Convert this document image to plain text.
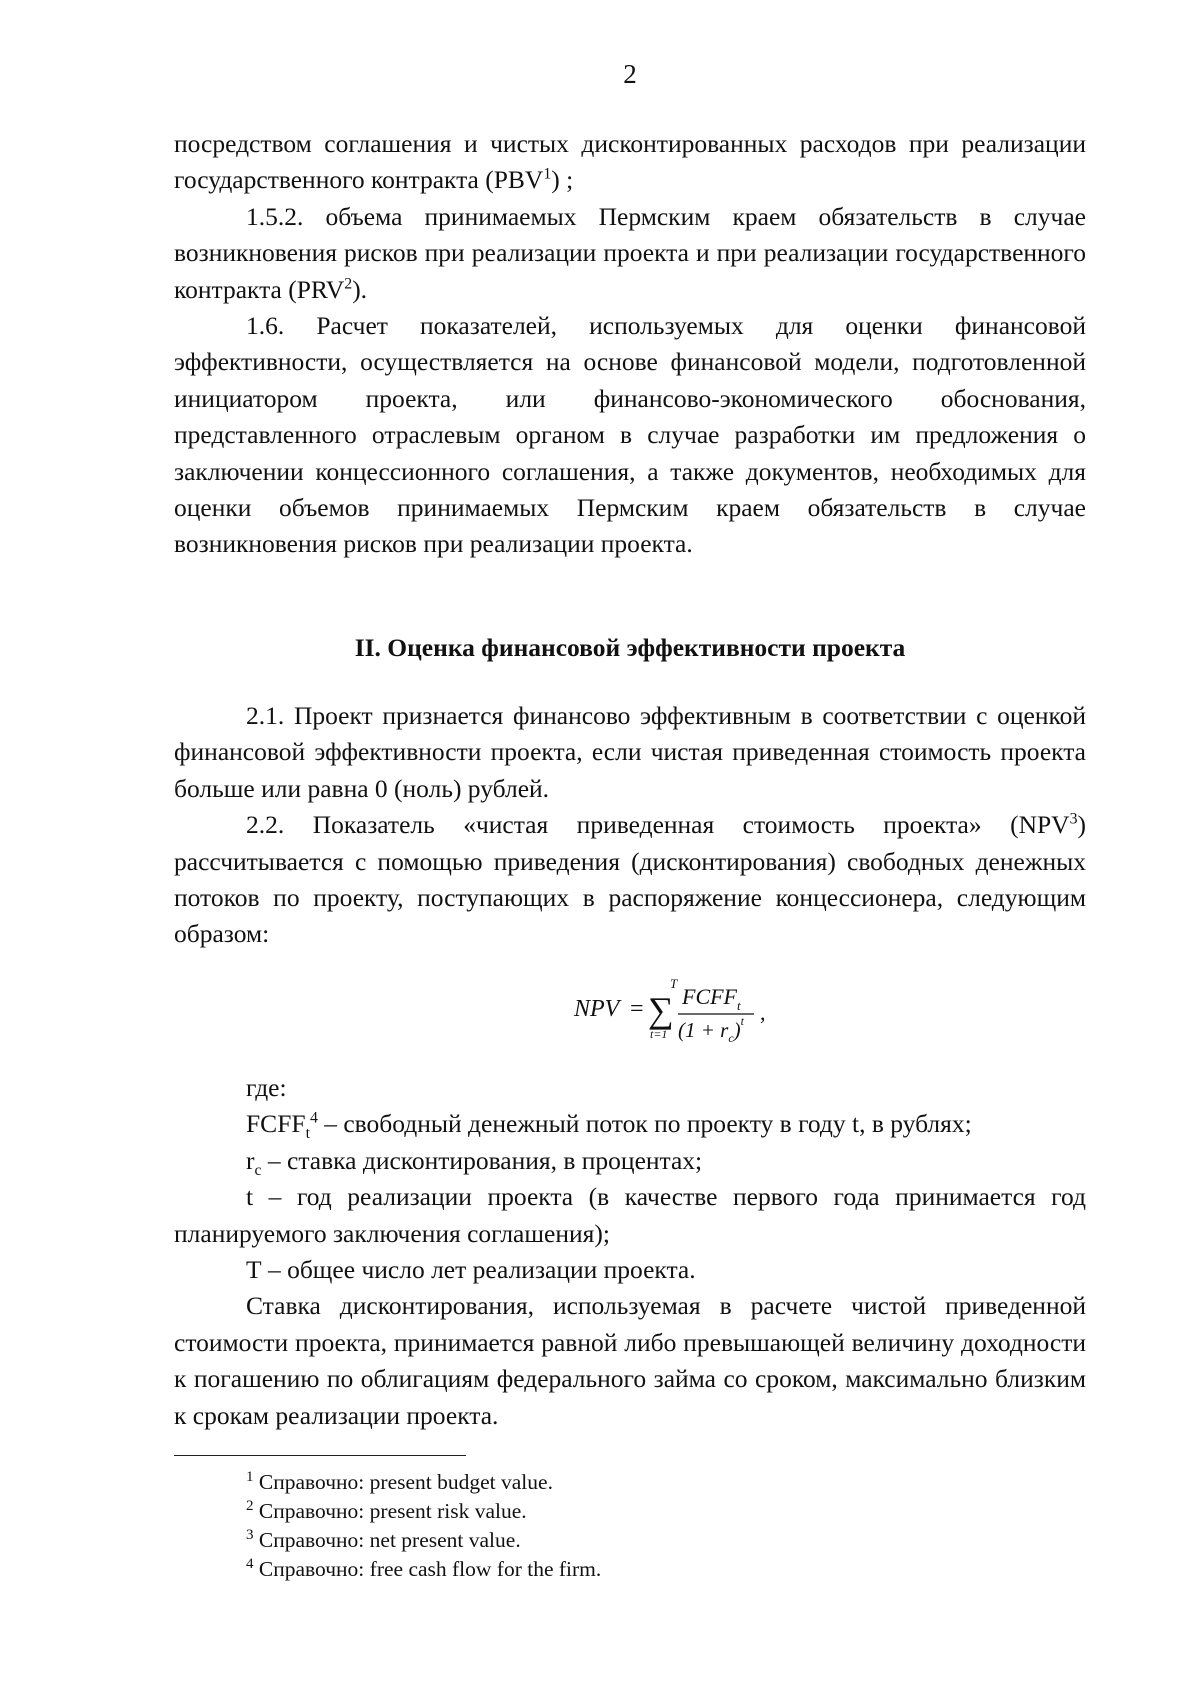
2

посредством соглашения и чистых дисконтированных расходов при реализации государственного контракта (PBV$^1$) ;

1.5.2. объема принимаемых Пермским краем обязательств в случае возникновения рисков при реализации проекта и при реализации государственного контракта (PRV$^2$).

1.6. Расчет показателей, используемых для оценки финансовой эффективности, осуществляется на основе финансовой модели, подготовленной инициатором проекта, или финансово-экономического обоснования, представленного отраслевым органом в случае разработки им предложения о заключении концессионного соглашения, а также документов, необходимых для оценки объемов принимаемых Пермским краем обязательств в случае возникновения рисков при реализации проекта.

II. Оценка финансовой эффективности проекта

2.1. Проект признается финансово эффективным в соответствии с оценкой финансовой эффективности проекта, если чистая приведенная стоимость проекта больше или равна 0 (ноль) рублей.

2.2. Показатель «чистая приведенная стоимость проекта» (NPV$^3$) рассчитывается с помощью приведения (дисконтирования) свободных денежных потоков по проекту, поступающих в распоряжение концессионера, следующим образом:

NPV = ∑
T
t=1
$FCFF_t$
$(1 + r_c)^t$ ,

где:

$FCFF_t^4$ – свободный денежный поток по проекту в году t, в рублях;

$r_c$ – ставка дисконтирования, в процентах;

t – год реализации проекта (в качестве первого года принимается год планируемого заключения соглашения);

Т – общее число лет реализации проекта.

Ставка дисконтирования, используемая в расчете чистой приведенной стоимости проекта, принимается равной либо превышающей величину доходности к погашению по облигациям федерального займа со сроком, максимально близким к срокам реализации проекта.

$^1$ Справочно: present budget value.
$^2$ Справочно: present risk value.
$^3$ Справочно: net present value.
$^4$ Справочно: free cash flow for the firm.
